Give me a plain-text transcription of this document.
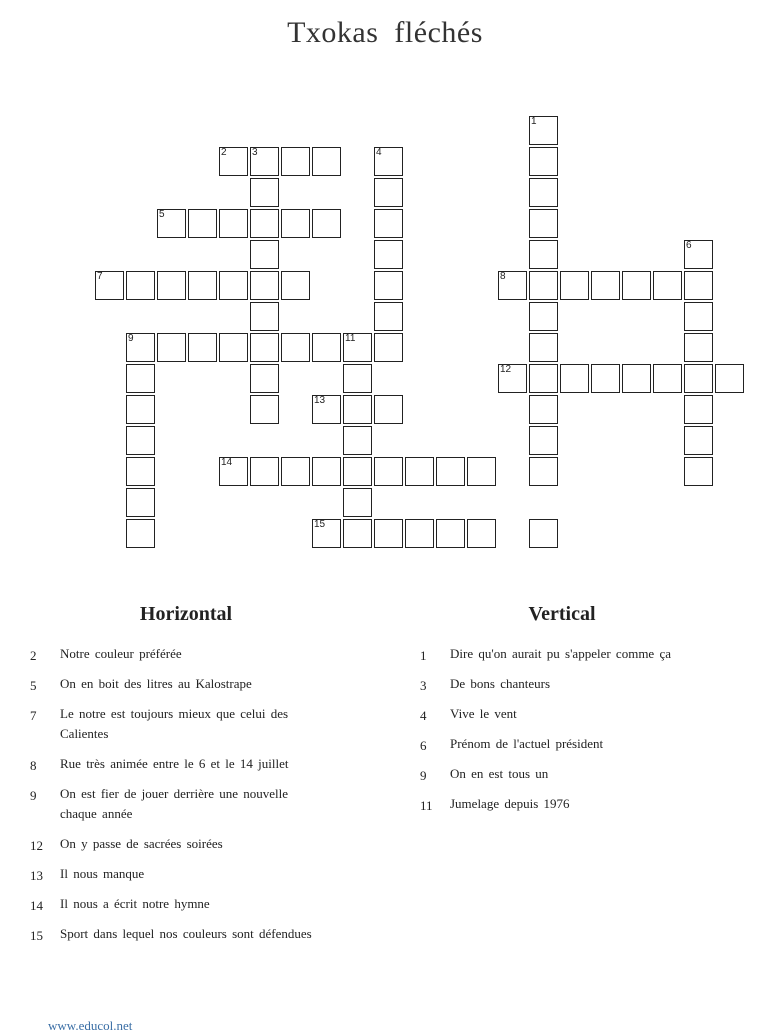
Txokas fléchés
1
2	3	4
5
6
7	8
9	11
12
13
14
15
Horizontal
2 Notre couleur préférée
5 On en boit des litres au Kalostrape
7 Le notre est toujours mieux que celui des Calientes
8 Rue très animée entre le 6 et le 14 juillet
9 On est fier de jouer derrière une nouvelle chaque année
12 On y passe de sacrées soirées
13 Il nous manque
14 Il nous a écrit notre hymne
15 Sport dans lequel nos couleurs sont défendues
Vertical
1 Dire qu'on aurait pu s'appeler comme ça
3 De bons chanteurs
4 Vive le vent
6 Prénom de l'actuel président
9 On en est tous un
11 Jumelage depuis 1976
www.educol.net
